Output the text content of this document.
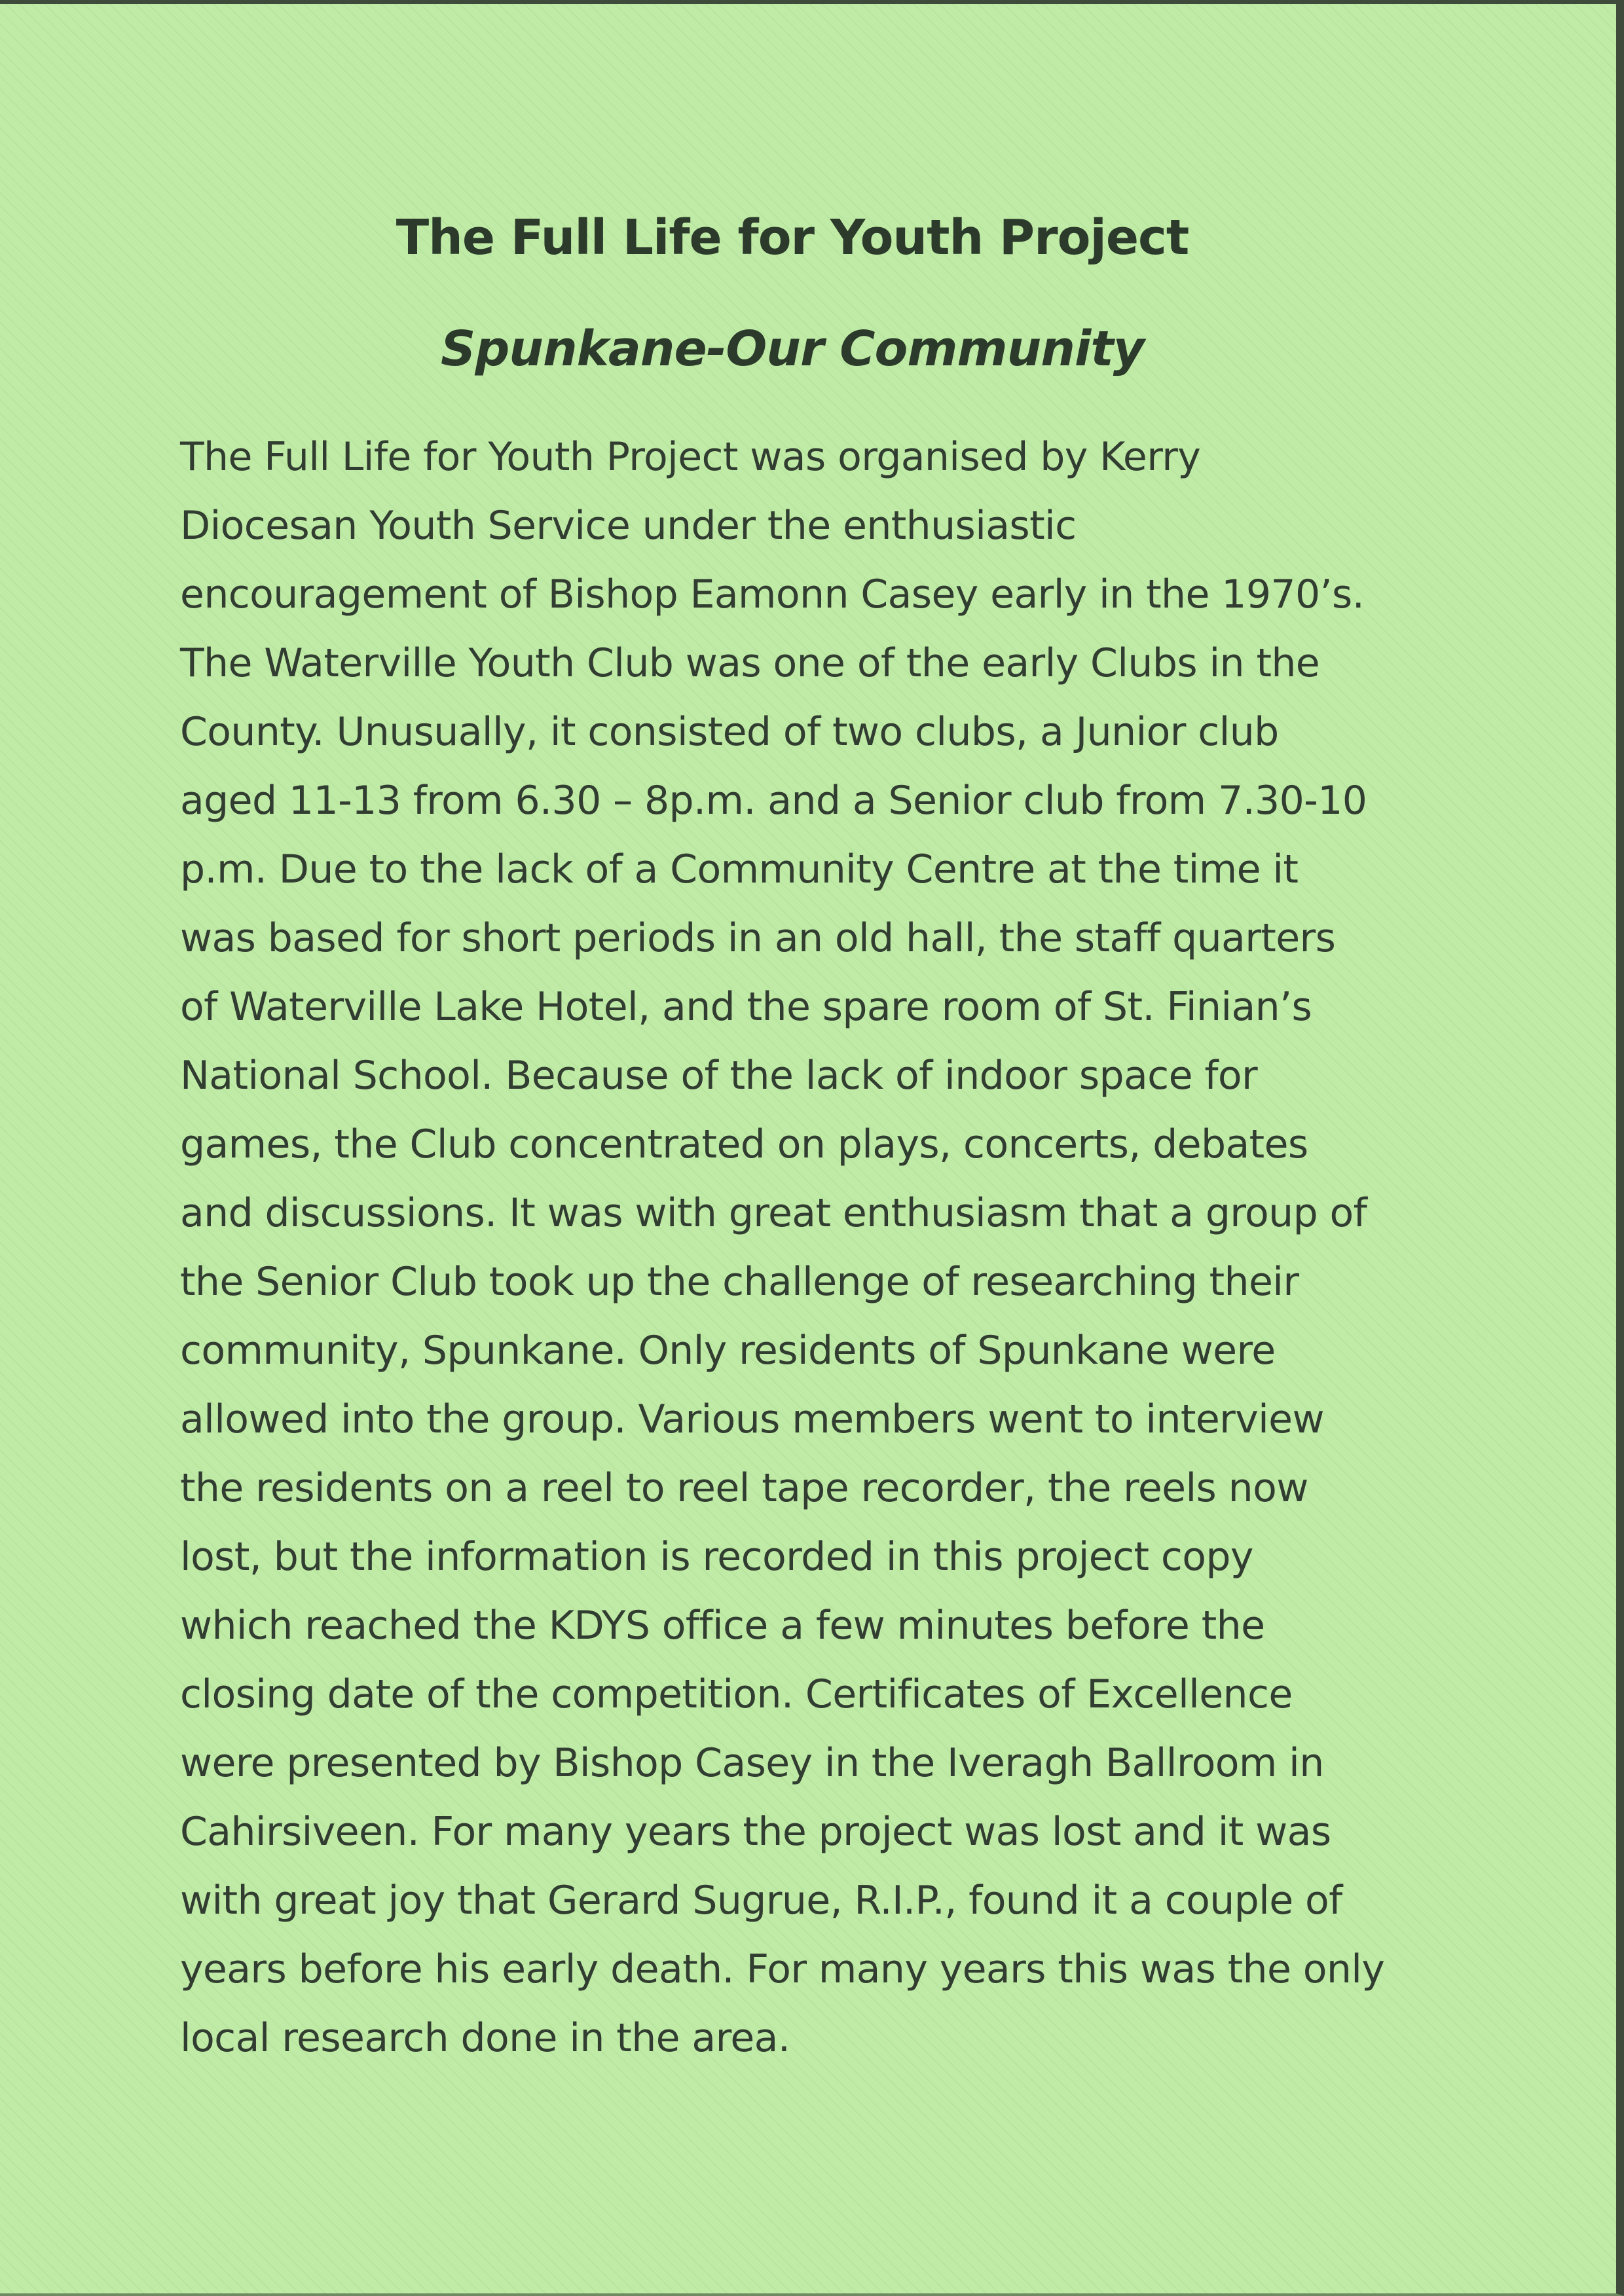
The Full Life for Youth Project
Spunkane-Our Community
The Full Life for Youth Project was organised by Kerry
Diocesan Youth Service under the enthusiastic
encouragement of Bishop Eamonn Casey early in the 1970’s.
The Waterville Youth Club was one of the early Clubs in the
County. Unusually, it consisted of two clubs, a Junior club
aged 11-13 from 6.30 – 8p.m. and a Senior club from 7.30-10
p.m. Due to the lack of a Community Centre at the time it
was based for short periods in an old hall, the staff quarters
of Waterville Lake Hotel, and the spare room of St. Finian’s
National School. Because of the lack of indoor space for
games, the Club concentrated on plays, concerts, debates
and discussions. It was with great enthusiasm that a group of
the Senior Club took up the challenge of researching their
community, Spunkane. Only residents of Spunkane were
allowed into the group. Various members went to interview
the residents on a reel to reel tape recorder, the reels now
lost, but the information is recorded in this project copy
which reached the KDYS office a few minutes before the
closing date of the competition. Certificates of Excellence
were presented by Bishop Casey in the Iveragh Ballroom in
Cahirsiveen. For many years the project was lost and it was
with great joy that Gerard Sugrue, R.I.P., found it a couple of
years before his early death. For many years this was the only
local research done in the area.
